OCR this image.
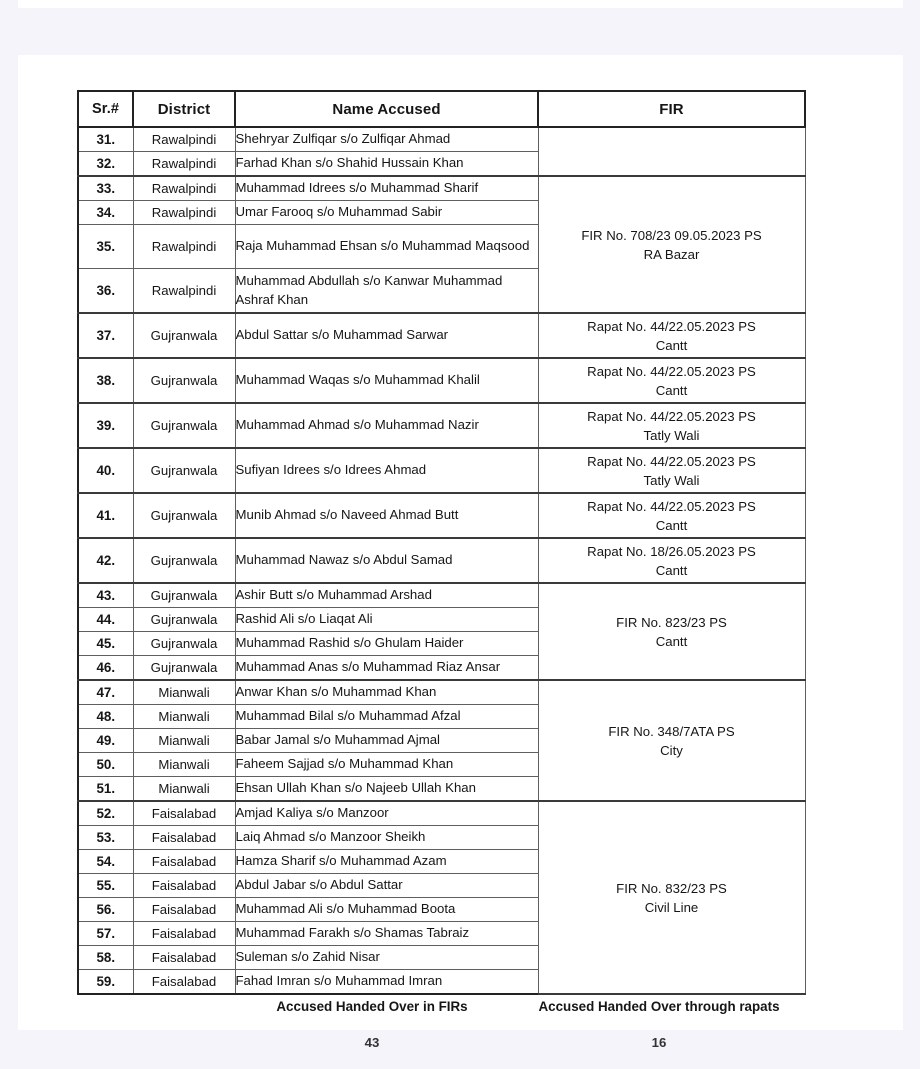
Sr.#	District	Name Accused	FIR
31.	Rawalpindi	Shehryar Zulfiqar s/o Zulfiqar Ahmad	

32.	Rawalpindi	Farhad Khan s/o Shahid Hussain Khan	
33.	Rawalpindi	Muhammad Idrees s/o Muhammad Sharif	FIR No. 708/23 09.05.2023 PS
RA Bazar

34.	Rawalpindi	Umar Farooq s/o Muhammad Sabir	
35.	Rawalpindi	Raja Muhammad Ehsan s/o Muhammad Maqsood	
36.	Rawalpindi	Muhammad Abdullah s/o Kanwar Muhammad Ashraf Khan	
37.	Gujranwala	Abdul Sattar s/o Muhammad Sarwar	Rapat No. 44/22.05.2023 PS
Cantt

38.	Gujranwala	Muhammad Waqas s/o Muhammad Khalil	Rapat No. 44/22.05.2023 PS
Cantt

39.	Gujranwala	Muhammad Ahmad s/o Muhammad Nazir	Rapat No. 44/22.05.2023 PS
Tatly Wali

40.	Gujranwala	Sufiyan Idrees s/o Idrees Ahmad	Rapat No. 44/22.05.2023 PS
Tatly Wali

41.	Gujranwala	Munib Ahmad s/o Naveed Ahmad Butt	Rapat No. 44/22.05.2023 PS
Cantt

42.	Gujranwala	Muhammad Nawaz s/o Abdul Samad	Rapat No. 18/26.05.2023 PS
Cantt

43.	Gujranwala	Ashir Butt s/o Muhammad Arshad	FIR No. 823/23 PS
Cantt

44.	Gujranwala	Rashid Ali s/o Liaqat Ali	
45.	Gujranwala	Muhammad Rashid s/o Ghulam Haider	
46.	Gujranwala	Muhammad Anas s/o Muhammad Riaz Ansar	
47.	Mianwali	Anwar Khan s/o Muhammad Khan	FIR No. 348/7ATA PS
City

48.	Mianwali	Muhammad Bilal s/o Muhammad Afzal	
49.	Mianwali	Babar Jamal s/o Muhammad Ajmal	
50.	Mianwali	Faheem Sajjad s/o Muhammad Khan	
51.	Mianwali	Ehsan Ullah Khan s/o Najeeb Ullah Khan	
52.	Faisalabad	Amjad Kaliya s/o Manzoor	FIR No. 832/23 PS
Civil Line

53.	Faisalabad	Laiq Ahmad s/o Manzoor Sheikh	
54.	Faisalabad	Hamza Sharif s/o Muhammad Azam	
55.	Faisalabad	Abdul Jabar s/o Abdul Sattar	
56.	Faisalabad	Muhammad Ali s/o Muhammad Boota	
57.	Faisalabad	Muhammad Farakh s/o Shamas Tabraiz	
58.	Faisalabad	Suleman s/o Zahid Nisar	
59.	Faisalabad	Fahad Imran s/o Muhammad Imran	
Accused Handed Over in FIRs	Accused Handed Over through rapats
43	16
